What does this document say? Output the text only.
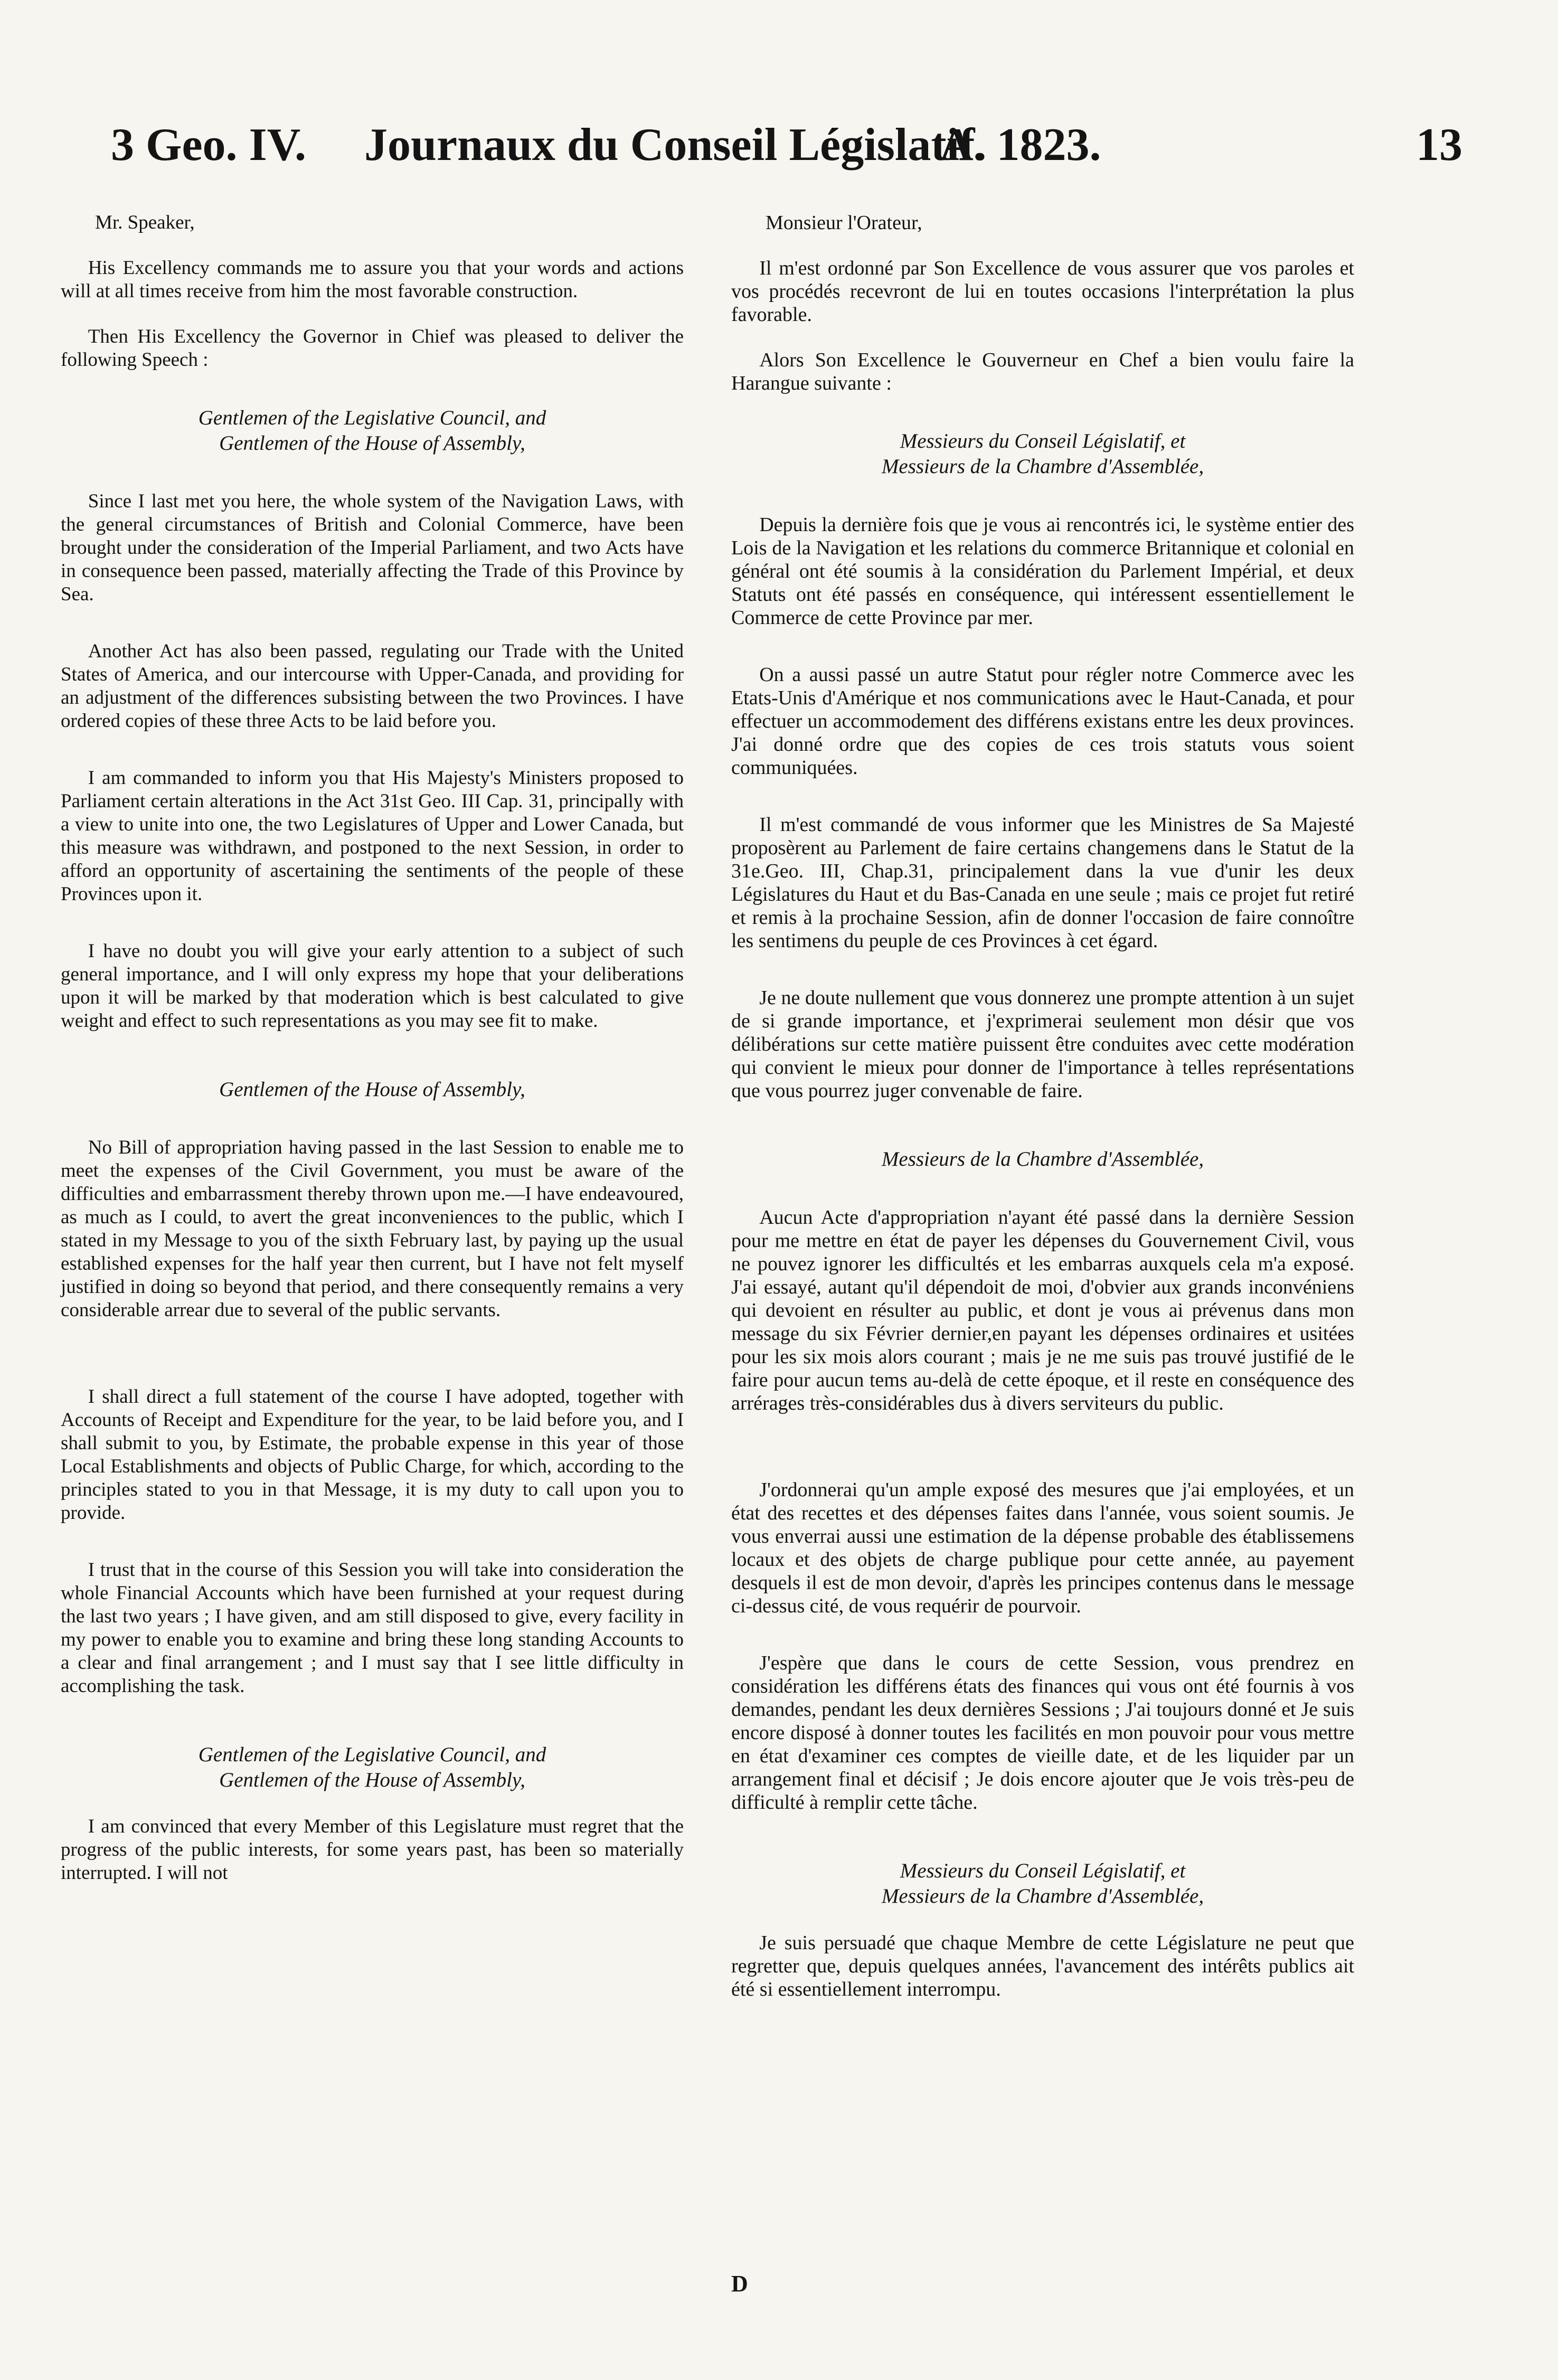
3 Geo. IV. Journaux du Conseil Législatif.
A. 1823.	13

Mr. Speaker,

His Excellency commands me to assure you that your words and actions will at all times receive from him the most favorable construction.

Then His Excellency the Governor in Chief was pleased to deliver the following Speech :

Gentlemen of the Legislative Council, and

Gentlemen of the House of Assembly,

Since I last met you here, the whole system of the Navigation Laws, with the general circumstances of British and Colonial Commerce, have been brought under the consideration of the Imperial Parliament, and two Acts have in consequence been passed, materially affecting the Trade of this Province by Sea.

Another Act has also been passed, regulating our Trade with the United States of America, and our intercourse with Upper-Canada, and providing for an adjustment of the differences subsisting between the two Provinces. I have ordered copies of these three Acts to be laid before you.

I am commanded to inform you that His Majesty's Ministers proposed to Parliament certain alterations in the Act 31st Geo. III Cap. 31, principally with a view to unite into one, the two Legislatures of Upper and Lower Canada, but this measure was withdrawn, and postponed to the next Session, in order to afford an opportunity of ascertaining the sentiments of the people of these Provinces upon it.

I have no doubt you will give your early attention to a subject of such general importance, and I will only express my hope that your deliberations upon it will be marked by that moderation which is best calculated to give weight and effect to such representations as you may see fit to make.

Gentlemen of the House of Assembly,

No Bill of appropriation having passed in the last Session to enable me to meet the expenses of the Civil Government, you must be aware of the difficulties and embarrassment thereby thrown upon me.—I have endeavoured, as much as I could, to avert the great inconveniences to the public, which I stated in my Message to you of the sixth February last, by paying up the usual established expenses for the half year then current, but I have not felt myself justified in doing so beyond that period, and there consequently remains a very considerable arrear due to several of the public servants.

I shall direct a full statement of the course I have adopted, together with Accounts of Receipt and Expenditure for the year, to be laid before you, and I shall submit to you, by Estimate, the probable expense in this year of those Local Establishments and objects of Public Charge, for which, according to the principles stated to you in that Message, it is my duty to call upon you to provide.

I trust that in the course of this Session you will take into consideration the whole Financial Accounts which have been furnished at your request during the last two years ; I have given, and am still disposed to give, every facility in my power to enable you to examine and bring these long standing Accounts to a clear and final arrangement ; and I must say that I see little difficulty in accomplishing the task.

Gentlemen of the Legislative Council, and

Gentlemen of the House of Assembly,

I am convinced that every Member of this Legislature must regret that the progress of the public interests, for some years past, has been so materially interrupted. I will not

Monsieur l'Orateur,

Il m'est ordonné par Son Excellence de vous assurer que vos paroles et vos procédés recevront de lui en toutes occasions l'interprétation la plus favorable.

Alors Son Excellence le Gouverneur en Chef a bien voulu faire la Harangue suivante :

Messieurs du Conseil Législatif, et

Messieurs de la Chambre d'Assemblée,

Depuis la dernière fois que je vous ai rencontrés ici, le système entier des Lois de la Navigation et les relations du commerce Britannique et colonial en général ont été soumis à la considération du Parlement Impérial, et deux Statuts ont été passés en conséquence, qui intéressent essentiellement le Commerce de cette Province par mer.

On a aussi passé un autre Statut pour régler notre Commerce avec les Etats-Unis d'Amérique et nos communications avec le Haut-Canada, et pour effectuer un accommodement des différens existans entre les deux provinces. J'ai donné ordre que des copies de ces trois statuts vous soient communiquées.

Il m'est commandé de vous informer que les Ministres de Sa Majesté proposèrent au Parlement de faire certains changemens dans le Statut de la 31e.Geo. III, Chap.31, principalement dans la vue d'unir les deux Législatures du Haut et du Bas-Canada en une seule ; mais ce projet fut retiré et remis à la prochaine Session, afin de donner l'occasion de faire connoître les sentimens du peuple de ces Provinces à cet égard.

Je ne doute nullement que vous donnerez une prompte attention à un sujet de si grande importance, et j'exprimerai seulement mon désir que vos délibérations sur cette matière puissent être conduites avec cette modération qui convient le mieux pour donner de l'importance à telles représentations que vous pourrez juger convenable de faire.

Messieurs de la Chambre d'Assemblée,

Aucun Acte d'appropriation n'ayant été passé dans la dernière Session pour me mettre en état de payer les dépenses du Gouvernement Civil, vous ne pouvez ignorer les difficultés et les embarras auxquels cela m'a exposé. J'ai essayé, autant qu'il dépendoit de moi, d'obvier aux grands inconvéniens qui devoient en résulter au public, et dont je vous ai prévenus dans mon message du six Février dernier,en payant les dépenses ordinaires et usitées pour les six mois alors courant ; mais je ne me suis pas trouvé justifié de le faire pour aucun tems au-delà de cette époque, et il reste en conséquence des arrérages très-considérables dus à divers serviteurs du public.

J'ordonnerai qu'un ample exposé des mesures que j'ai employées, et un état des recettes et des dépenses faites dans l'année, vous soient soumis. Je vous enverrai aussi une estimation de la dépense probable des établissemens locaux et des objets de charge publique pour cette année, au payement desquels il est de mon devoir, d'après les principes contenus dans le message ci-dessus cité, de vous requérir de pourvoir.

J'espère que dans le cours de cette Session, vous prendrez en considération les différens états des finances qui vous ont été fournis à vos demandes, pendant les deux dernières Sessions ; J'ai toujours donné et Je suis encore disposé à donner toutes les facilités en mon pouvoir pour vous mettre en état d'examiner ces comptes de vieille date, et de les liquider par un arrangement final et décisif ; Je dois encore ajouter que Je vois très-peu de difficulté à remplir cette tâche.

Messieurs du Conseil Législatif, et

Messieurs de la Chambre d'Assemblée,

Je suis persuadé que chaque Membre de cette Législature ne peut que regretter que, depuis quelques années, l'avancement des intérêts publics ait été si essentiellement interrompu.

D
